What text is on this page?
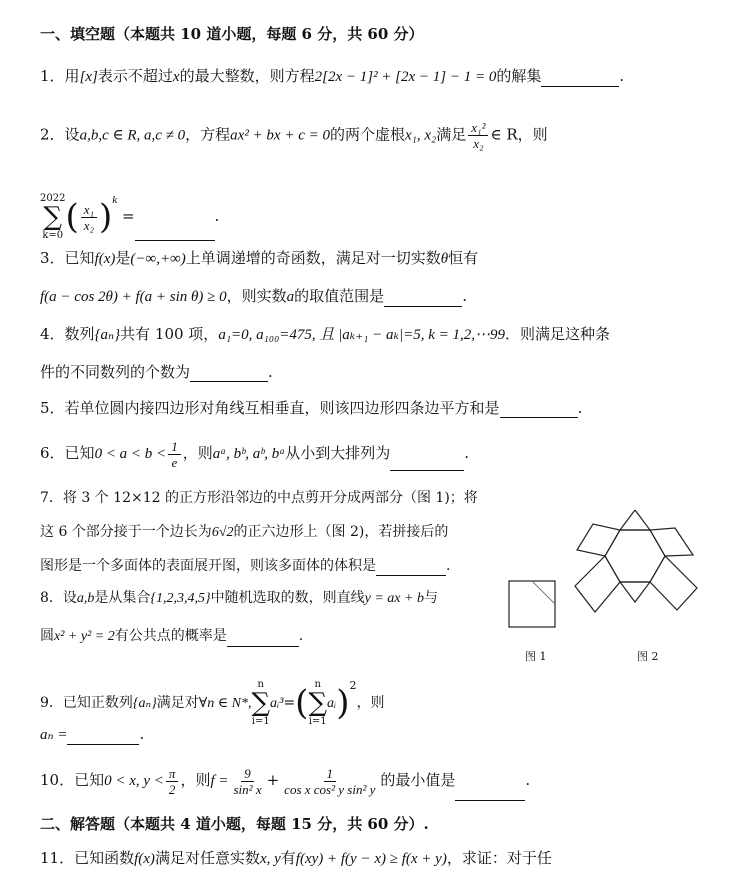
一、填空题（本题共 10 道小题，每题 6 分，共 60 分）
1．用[x]表示不超过x的最大整数，则方程2[2x − 1]² + [2x − 1] − 1 = 0的解集	.
2．设a,b,c ∈ R, a,c ≠ 0，方程ax² + bx + c = 0的两个虚根x₁, x₂满足 $\frac{\text{x₁²}}{\text{x₂}}$ ∈ R，则
2022
∑
k=0 ( $\frac{\text{x₁}}{\text{x₂}} )^k$ =	.
3．已知f(x)是(−∞,+∞)上单调递增的奇函数，满足对一切实数θ恒有
f(a − cos 2θ) + f(a + sin θ) ≥ 0，则实数a的取值范围是	.
4．数列{aₙ}共有 100 项，a₁=0, a₁₀₀=475, 且 |aₖ₊₁ − aₖ|=5, k = 1,2,⋯99．则满足这种条
件的不同数列的个数为	.
5．若单位圆内接四边形对角线互相垂直，则该四边形四条边平方和是	.
6．已知$0 < a < b < \frac{1}{e}$ ，则aᵃ, bᵇ, aᵇ, bᵃ从小到大排列为	.
7．将 3 个 12×12 的正方形沿邻边的中点剪开分成两部分（图 1)；将
这 6 个部分接于一个边长为6√2的正六边形上（图 2)，若拼接后的
图形是一个多面体的表面展开图，则该多面体的体积是	.
8．设a,b是从集合{1,2,3,4,5}中随机选取的数，则直线y = ax + b与
圆x² + y² = 2有公共点的概率是	.
图 1	图 2
9．已知正数列{aₙ}满足对∀n ∈ N*,
n
∑
i=1
aᵢ³=( n
∑
i=1
aᵢ)$^2$，则
aₙ =	.
10．已知0 < x, $y < \frac{\pi}{2}$ ，则$f = \frac{9}{\text{sin² x}} + \frac{1}{\text{cos x cos² y sin² y}}$ 的最小值是	.
二、解答题（本题共 4 道小题，每题 15 分，共 60 分）.
11．已知函数f(x)满足对任意实数x, y有f(xy) + f(y − x) ≥ f(x + y)，求证：对于任
